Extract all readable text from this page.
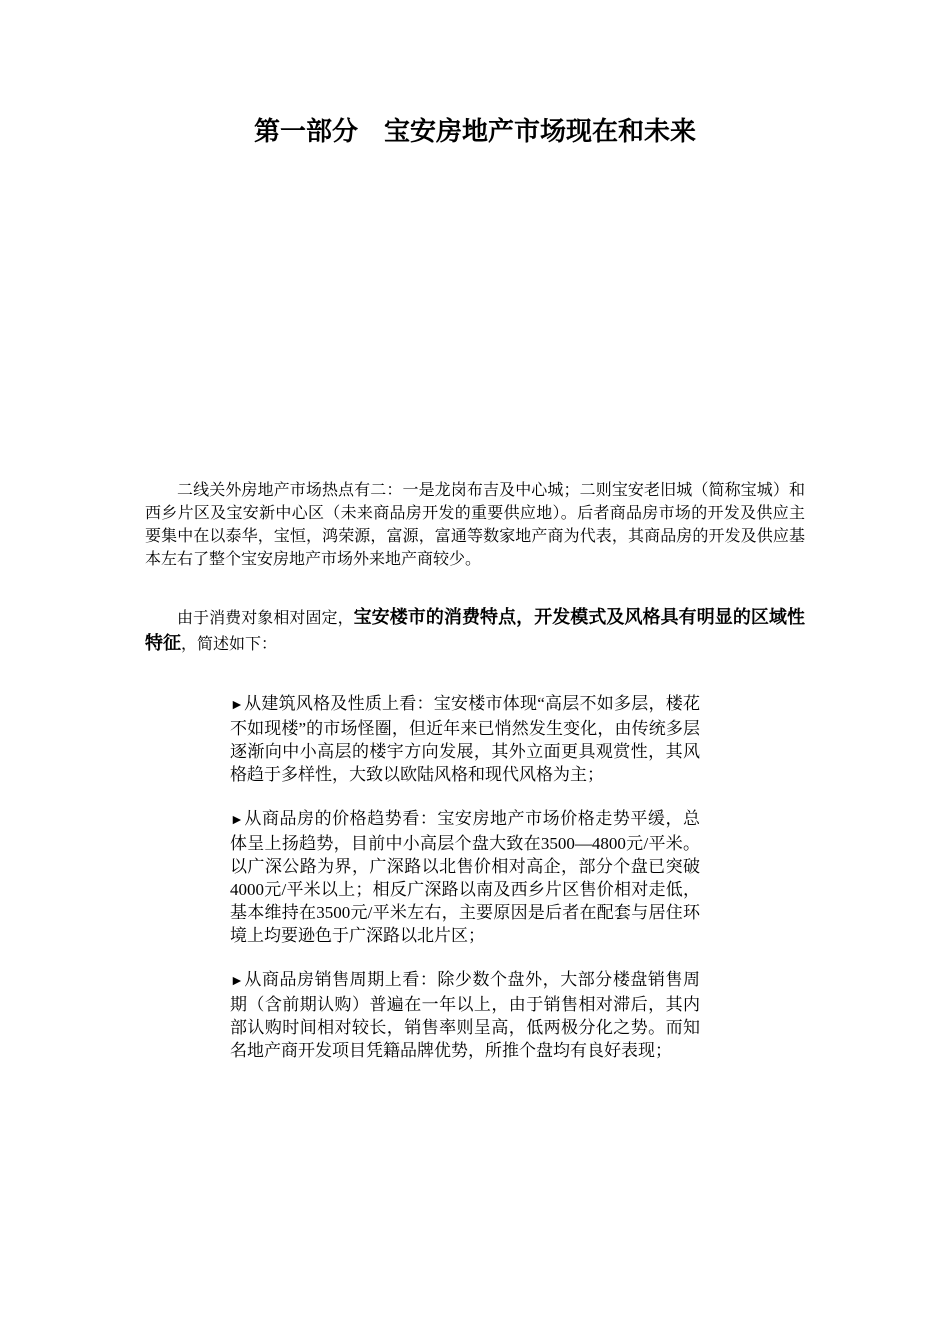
第一部分　宝安房地产市场现在和未来

二线关外房地产市场热点有二：一是龙岗布吉及中心城；二则宝安老旧城（简称宝城）和西乡片区及宝安新中心区（未来商品房开发的重要供应地）。后者商品房市场的开发及供应主要集中在以泰华，宝恒，鸿荣源，富源，富通等数家地产商为代表，其商品房的开发及供应基本左右了整个宝安房地产市场外来地产商较少。

由于消费对象相对固定，宝安楼市的消费特点，开发模式及风格具有明显的区域性特征，简述如下：

►从建筑风格及性质上看：宝安楼市体现“高层不如多层，楼花不如现楼”的市场怪圈，但近年来已悄然发生变化，由传统多层逐渐向中小高层的楼宇方向发展，其外立面更具观赏性，其风格趋于多样性，大致以欧陆风格和现代风格为主；

►从商品房的价格趋势看：宝安房地产市场价格走势平缓，总体呈上扬趋势，目前中小高层个盘大致在3500—4800元/平米。以广深公路为界，广深路以北售价相对高企，部分个盘已突破4000元/平米以上；相反广深路以南及西乡片区售价相对走低，基本维持在3500元/平米左右，主要原因是后者在配套与居住环境上均要逊色于广深路以北片区；

►从商品房销售周期上看：除少数个盘外，大部分楼盘销售周期（含前期认购）普遍在一年以上，由于销售相对滞后，其内部认购时间相对较长，销售率则呈高，低两极分化之势。而知名地产商开发项目凭籍品牌优势，所推个盘均有良好表现；
